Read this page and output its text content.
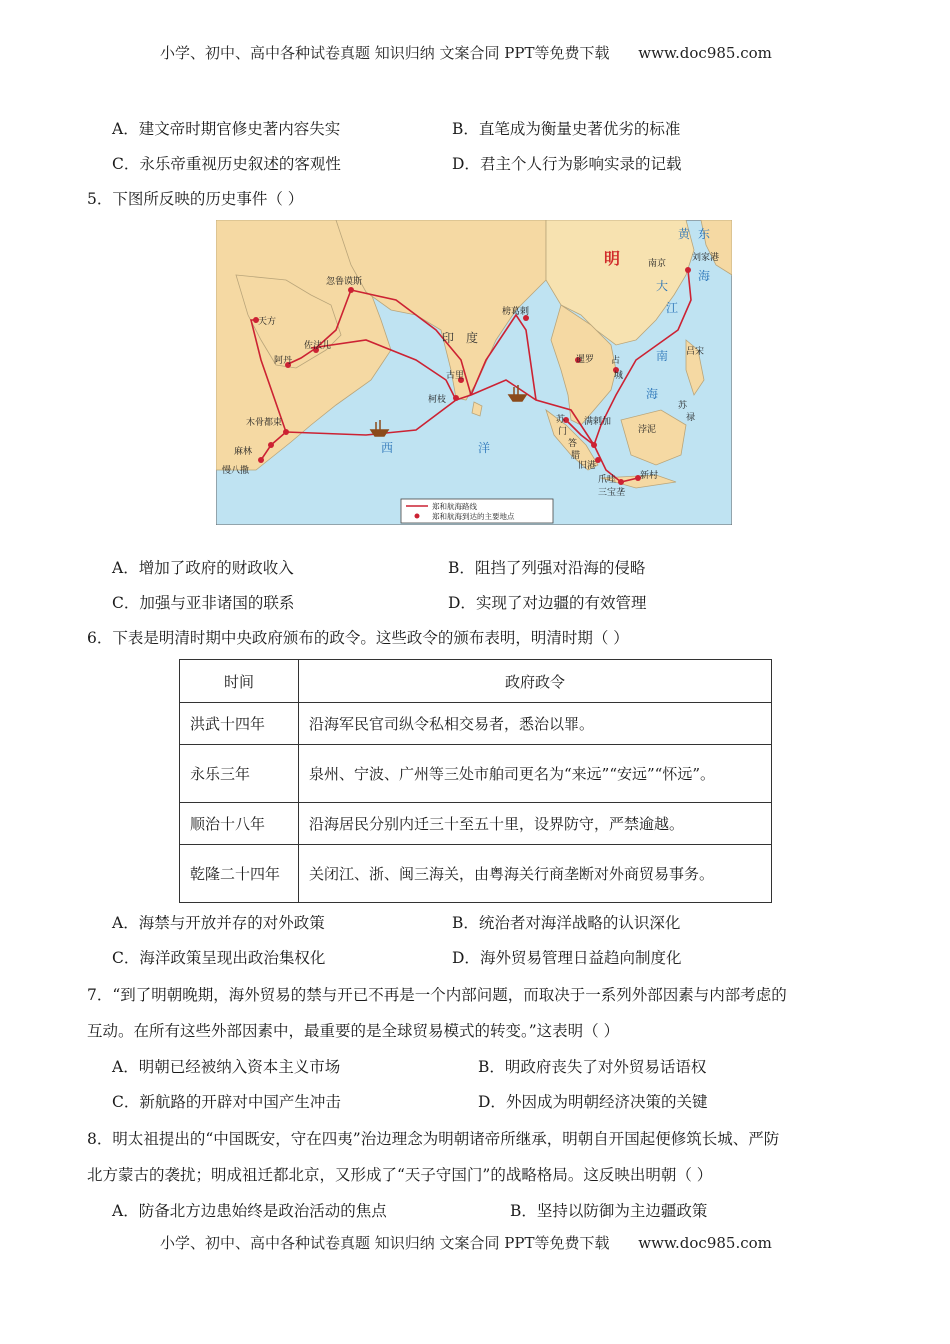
小学、初中、高中各种试卷真题 知识归纳 文案合同 PPT等免费下载 www.doc985.com
A．建文帝时期官修史著内容失实	B．直笔成为衡量史著优劣的标准
C．永乐帝重视历史叙述的客观性	D．君主个人行为影响实录的记载
5．下图所反映的历史事件（ ）
南京
刘家港
忽鲁谟斯
天方
阿丹
佐法儿
榜葛剌
古里
柯枝
木骨都束
麻林
慢八撒
暹罗 占
城
吕宋
苏
禄
浡泥
苏
门
答
腊
满剌加
旧港
爪哇
三宝垄
新村
明
印　度
西	洋
黄 东
海
南
海
大
江
郑和航海路线
郑和航海到达的主要地点
A．增加了政府的财政收入	B．阻挡了列强对沿海的侵略
C．加强与亚非诸国的联系	D．实现了对边疆的有效管理
6．下表是明清时期中央政府颁布的政令。这些政令的颁布表明，明清时期（ ）
时间	政府政令
洪武十四年	沿海军民官司纵令私相交易者，悉治以罪。
永乐三年	泉州、宁波、广州等三处市舶司更名为“来远”“安远”“怀远”。
顺治十八年	沿海居民分别内迁三十至五十里，设界防守，严禁逾越。
乾隆二十四年	关闭江、浙、闽三海关，由粤海关行商垄断对外商贸易事务。
A．海禁与开放并存的对外政策	B．统治者对海洋战略的认识深化
C．海洋政策呈现出政治集权化	D．海外贸易管理日益趋向制度化
7．“到了明朝晚期，海外贸易的禁与开已不再是一个内部问题，而取决于一系列外部因素与内部考虑的
互动。在所有这些外部因素中，最重要的是全球贸易模式的转变。”这表明（ ）
A．明朝已经被纳入资本主义市场	B．明政府丧失了对外贸易话语权
C．新航路的开辟对中国产生冲击	D．外因成为明朝经济决策的关键
8．明太祖提出的“中国既安，守在四夷”治边理念为明朝诸帝所继承，明朝自开国起便修筑长城、严防
北方蒙古的袭扰；明成祖迁都北京，又形成了“天子守国门”的战略格局。这反映出明朝（ ）
A．防备北方边患始终是政治活动的焦点	B．坚持以防御为主边疆政策
小学、初中、高中各种试卷真题 知识归纳 文案合同 PPT等免费下载 www.doc985.com
